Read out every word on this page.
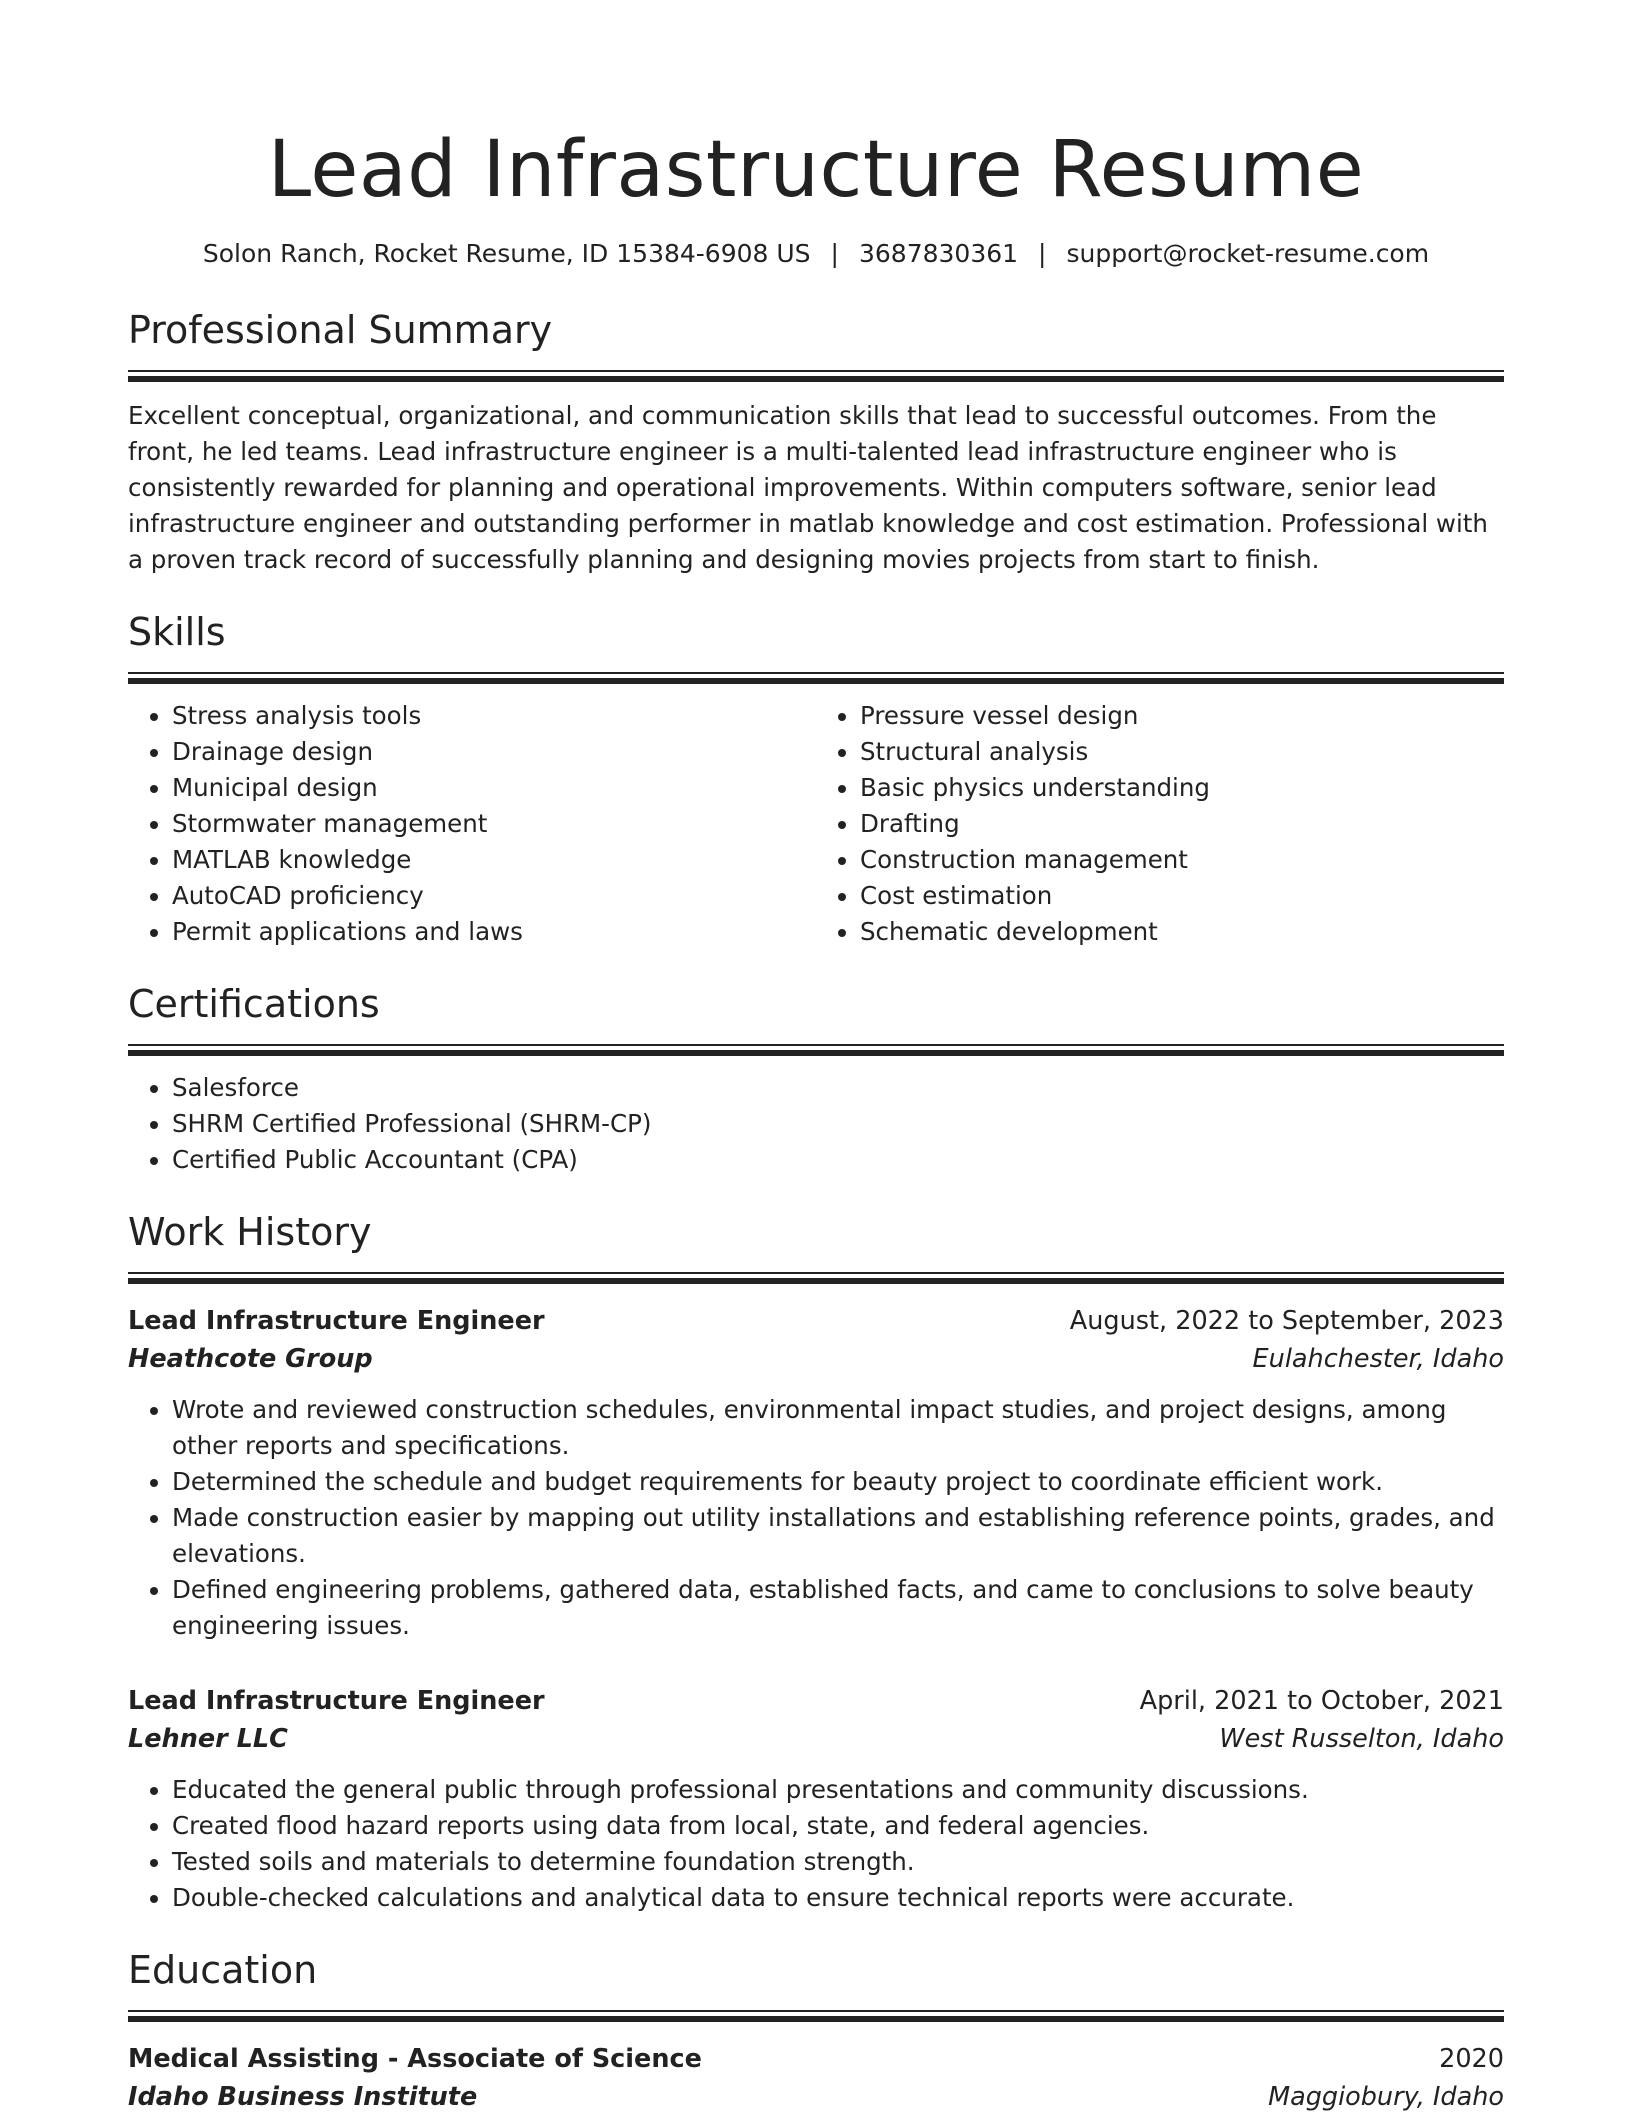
Lead Infrastructure Resume
Solon Ranch, Rocket Resume, ID 15384-6908 US | 3687830361 | support@rocket-resume.com
Professional Summary

Excellent conceptual, organizational, and communication skills that lead to successful outcomes. From the front, he led teams. Lead infrastructure engineer is a multi-talented lead infrastructure engineer who is consistently rewarded for planning and operational improvements. Within computers software, senior lead infrastructure engineer and outstanding performer in matlab knowledge and cost estimation. Professional with a proven track record of successfully planning and designing movies projects from start to finish.

Skills
• Stress analysis tools
• Drainage design
• Municipal design
• Stormwater management
• MATLAB knowledge
• AutoCAD proficiency
• Permit applications and laws
• Pressure vessel design
• Structural analysis
• Basic physics understanding
• Drafting
• Construction management
• Cost estimation
• Schematic development
Certifications
• Salesforce
• SHRM Certified Professional (SHRM-CP)
• Certified Public Accountant (CPA)
Work History
Lead Infrastructure Engineer	August, 2022 to September, 2023
Heathcote Group	Eulahchester, Idaho
• Wrote and reviewed construction schedules, environmental impact studies, and project designs, among other reports and specifications.
• Determined the schedule and budget requirements for beauty project to coordinate efficient work.
• Made construction easier by mapping out utility installations and establishing reference points, grades, and elevations.
• Defined engineering problems, gathered data, established facts, and came to conclusions to solve beauty engineering issues.
Lead Infrastructure Engineer	April, 2021 to October, 2021
Lehner LLC	West Russelton, Idaho
• Educated the general public through professional presentations and community discussions.
• Created flood hazard reports using data from local, state, and federal agencies.
• Tested soils and materials to determine foundation strength.
• Double-checked calculations and analytical data to ensure technical reports were accurate.
Education
Medical Assisting - Associate of Science	2020
Idaho Business Institute	Maggiobury, Idaho
